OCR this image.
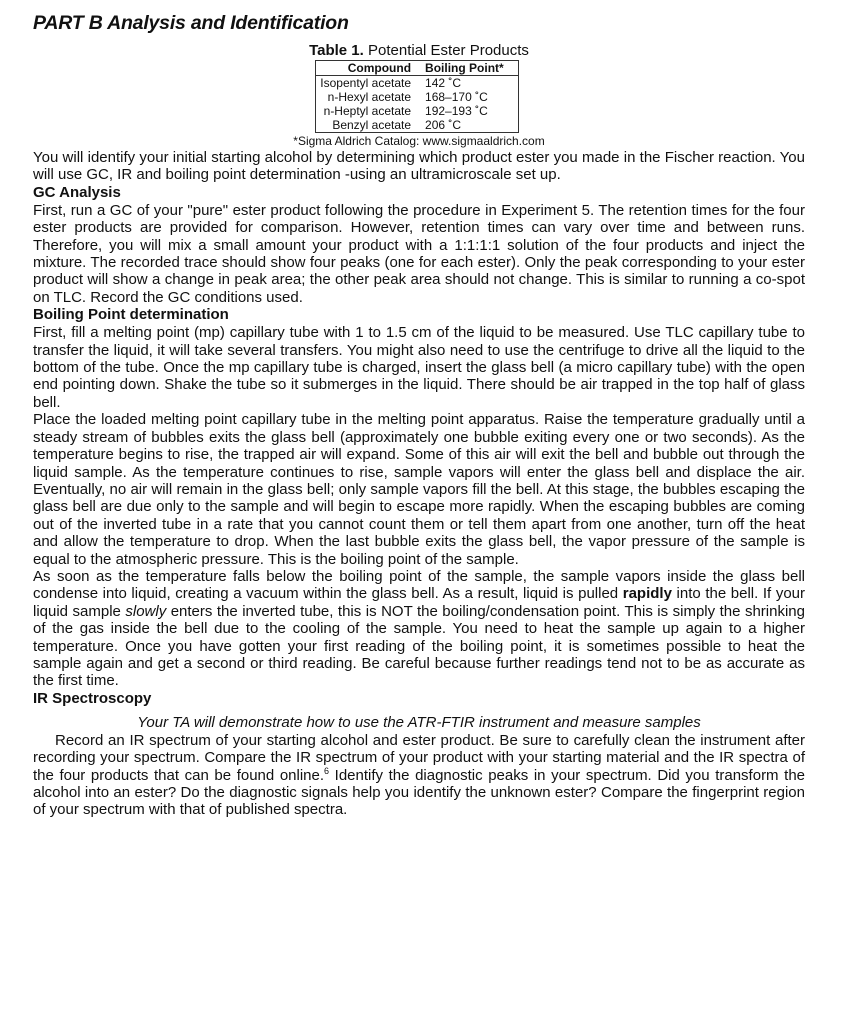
PART B Analysis and Identification
Table 1. Potential Ester Products
Compound	Boiling Point*
Isopentyl acetate	142 ˚C
n-Hexyl acetate	168–170 ˚C
n-Heptyl acetate	192–193 ˚C
Benzyl acetate	206 ˚C
*Sigma Aldrich Catalog: www.sigmaaldrich.com

You will identify your initial starting alcohol by determining which product ester you made in the Fischer reaction. You will use GC, IR and boiling point determination -using an ultramicroscale set up.

GC Analysis

First, run a GC of your "pure" ester product following the procedure in Experiment 5. The retention times for the four ester products are provided for comparison. However, retention times can vary over time and between runs. Therefore, you will mix a small amount your product with a 1:1:1:1 solution of the four products and inject the mixture. The recorded trace should show four peaks (one for each ester). Only the peak corresponding to your ester product will show a change in peak area; the other peak area should not change. This is similar to running a co-spot on TLC. Record the GC conditions used.

Boiling Point determination

First, fill a melting point (mp) capillary tube with 1 to 1.5 cm of the liquid to be measured. Use TLC capillary tube to transfer the liquid, it will take several transfers. You might also need to use the centrifuge to drive all the liquid to the bottom of the tube. Once the mp capillary tube is charged, insert the glass bell (a micro capillary tube) with the open end pointing down. Shake the tube so it submerges in the liquid. There should be air trapped in the top half of glass bell.

Place the loaded melting point capillary tube in the melting point apparatus. Raise the temperature gradually until a steady stream of bubbles exits the glass bell (approximately one bubble exiting every one or two seconds). As the temperature begins to rise, the trapped air will expand. Some of this air will exit the bell and bubble out through the liquid sample. As the temperature continues to rise, sample vapors will enter the glass bell and displace the air. Eventually, no air will remain in the glass bell; only sample vapors fill the bell. At this stage, the bubbles escaping the glass bell are due only to the sample and will begin to escape more rapidly. When the escaping bubbles are coming out of the inverted tube in a rate that you cannot count them or tell them apart from one another, turn off the heat and allow the temperature to drop. When the last bubble exits the glass bell, the vapor pressure of the sample is equal to the atmospheric pressure. This is the boiling point of the sample.

As soon as the temperature falls below the boiling point of the sample, the sample vapors inside the glass bell condense into liquid, creating a vacuum within the glass bell. As a result, liquid is pulled rapidly into the bell. If your liquid sample slowly enters the inverted tube, this is NOT the boiling/condensation point. This is simply the shrinking of the gas inside the bell due to the cooling of the sample. You need to heat the sample up again to a higher temperature. Once you have gotten your first reading of the boiling point, it is sometimes possible to heat the sample again and get a second or third reading. Be careful because further readings tend not to be as accurate as the first time.

IR Spectroscopy

Your TA will demonstrate how to use the ATR-FTIR instrument and measure samples

Record an IR spectrum of your starting alcohol and ester product. Be sure to carefully clean the instrument after recording your spectrum. Compare the IR spectrum of your product with your starting material and the IR spectra of the four products that can be found online.$^6$ Identify the diagnostic peaks in your spectrum. Did you transform the alcohol into an ester? Do the diagnostic signals help you identify the unknown ester? Compare the fingerprint region of your spectrum with that of published spectra.
